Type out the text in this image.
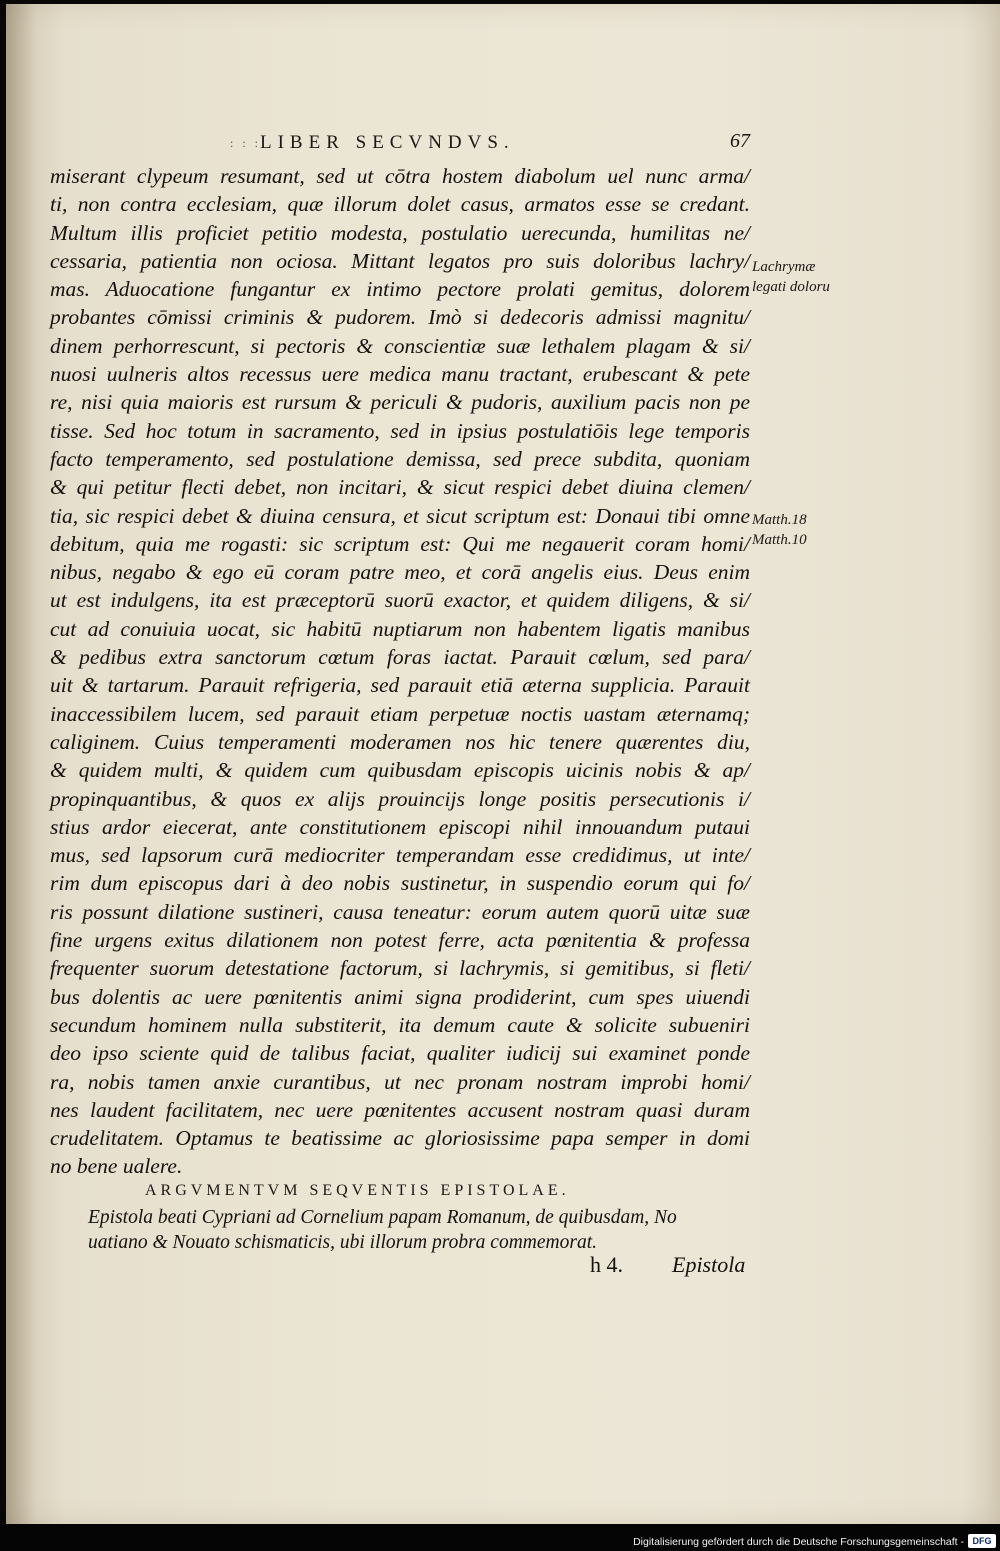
: : :
LIBER SECVNDVS.	67
miserant clypeum resumant, sed ut cōtra hostem diabolum uel nunc arma/
ti, non contra ecclesiam, quæ illorum dolet casus, armatos esse se credant.
Multum illis proficiet petitio modesta, postulatio uerecunda, humilitas ne/
cessaria, patientia non ociosa. Mittant legatos pro suis doloribus lachry/
mas. Aduocatione fungantur ex intimo pectore prolati gemitus, dolorem
probantes cōmissi criminis & pudorem. Imò si dedecoris admissi magnitu/
dinem perhorrescunt, si pectoris & conscientiæ suæ lethalem plagam & si/
nuosi uulneris altos recessus uere medica manu tractant, erubescant & pete
re, nisi quia maioris est rursum & periculi & pudoris, auxilium pacis non pe
tisse. Sed hoc totum in sacramento, sed in ipsius postulatiōis lege temporis
facto temperamento, sed postulatione demissa, sed prece subdita, quoniam
& qui petitur flecti debet, non incitari, & sicut respici debet diuina clemen/
tia, sic respici debet & diuina censura, et sicut scriptum est: Donaui tibi omne
debitum, quia me rogasti: sic scriptum est: Qui me negauerit coram homi/
nibus, negabo & ego eū coram patre meo, et corā angelis eius. Deus enim
ut est indulgens, ita est præceptorū suorū exactor, et quidem diligens, & si/
cut ad conuiuia uocat, sic habitū nuptiarum non habentem ligatis manibus
& pedibus extra sanctorum cœtum foras iactat. Parauit cœlum, sed para/
uit & tartarum. Parauit refrigeria, sed parauit etiā æterna supplicia. Parauit
inaccessibilem lucem, sed parauit etiam perpetuæ noctis uastam æternamq;
caliginem. Cuius temperamenti moderamen nos hic tenere quærentes diu,
& quidem multi, & quidem cum quibusdam episcopis uicinis nobis & ap/
propinquantibus, & quos ex alijs prouincijs longe positis persecutionis i/
stius ardor eiecerat, ante constitutionem episcopi nihil innouandum putaui
mus, sed lapsorum curā mediocriter temperandam esse credidimus, ut inte/
rim dum episcopus dari à deo nobis sustinetur, in suspendio eorum qui fo/
ris possunt dilatione sustineri, causa teneatur: eorum autem quorū uitæ suæ
fine urgens exitus dilationem non potest ferre, acta pœnitentia & professa
frequenter suorum detestatione factorum, si lachrymis, si gemitibus, si fleti/
bus dolentis ac uere pœnitentis animi signa prodiderint, cum spes uiuendi
secundum hominem nulla substiterit, ita demum caute & solicite subueniri
deo ipso sciente quid de talibus faciat, qualiter iudicij sui examinet ponde
ra, nobis tamen anxie curantibus, ut nec pronam nostram improbi homi/
nes laudent facilitatem, nec uere pœnitentes accusent nostram quasi duram
crudelitatem. Optamus te beatissime ac gloriosissime papa semper in domi
no bene ualere.
Lachrymæ
legati doloru
Matth.18
Matth.10
ARGVMENTVM SEQVENTIS EPISTOLAE.
Epistola beati Cypriani ad Cornelium papam Romanum, de quibusdam, No
uatiano & Nouato schismaticis, ubi illorum probra commemorat.
h 4. Epistola
Digitalisierung gefördert durch die Deutsche Forschungsgemeinschaft - DFG
